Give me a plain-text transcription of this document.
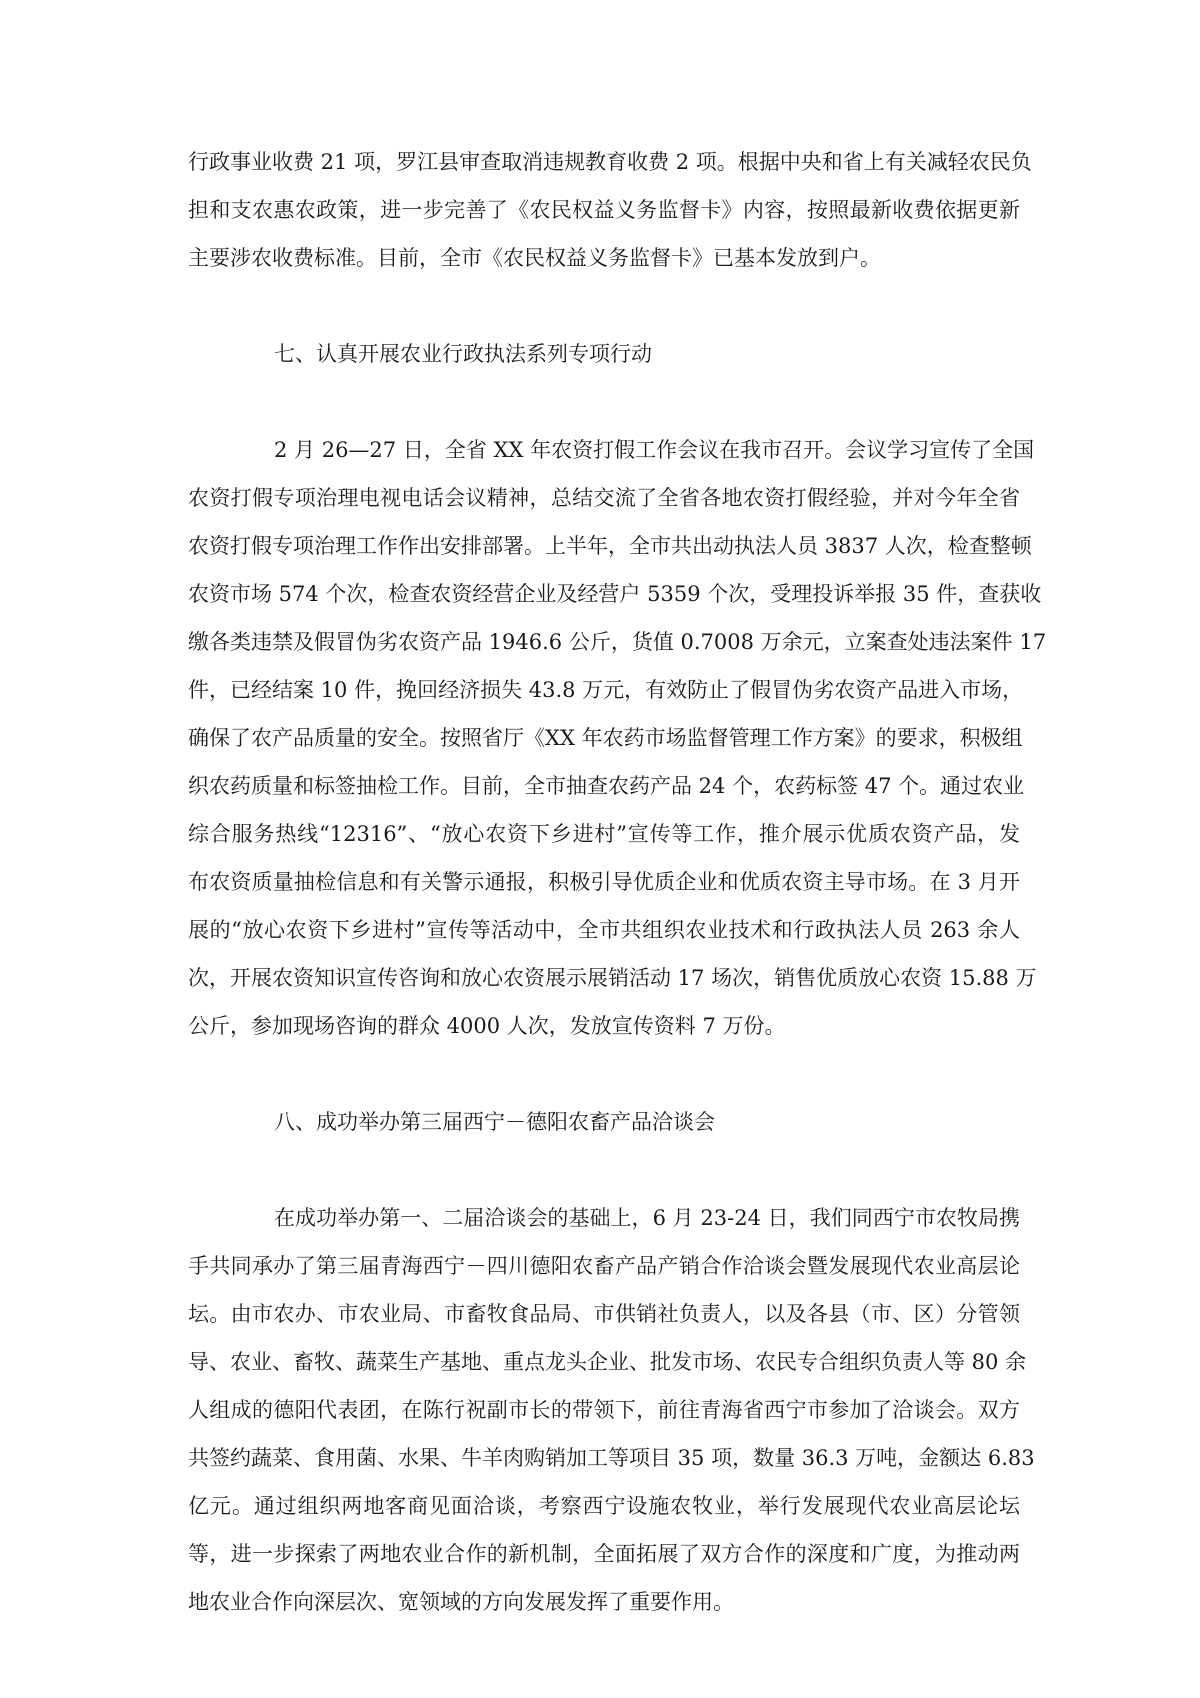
行政事业收费 21 项，罗江县审查取消违规教育收费 2 项。根据中央和省上有关减轻农民负
担和支农惠农政策，进一步完善了《农民权益义务监督卡》内容，按照最新收费依据更新
主要涉农收费标准。目前，全市《农民权益义务监督卡》已基本发放到户。
七、认真开展农业行政执法系列专项行动
2 月 26—27 日，全省 XX 年农资打假工作会议在我市召开。会议学习宣传了全国
农资打假专项治理电视电话会议精神，总结交流了全省各地农资打假经验，并对今年全省
农资打假专项治理工作作出安排部署。上半年，全市共出动执法人员 3837 人次，检查整顿
农资市场 574 个次，检查农资经营企业及经营户 5359 个次，受理投诉举报 35 件，查获收
缴各类违禁及假冒伪劣农资产品 1946.6 公斤，货值 0.7008 万余元，立案查处违法案件 17
件，已经结案 10 件，挽回经济损失 43.8 万元，有效防止了假冒伪劣农资产品进入市场，
确保了农产品质量的安全。按照省厅《XX 年农药市场监督管理工作方案》的要求，积极组
织农药质量和标签抽检工作。目前，全市抽查农药产品 24 个，农药标签 47 个。通过农业
综合服务热线“12316”、“放心农资下乡进村”宣传等工作，推介展示优质农资产品，发
布农资质量抽检信息和有关警示通报，积极引导优质企业和优质农资主导市场。在 3 月开
展的“放心农资下乡进村”宣传等活动中，全市共组织农业技术和行政执法人员 263 余人
次，开展农资知识宣传咨询和放心农资展示展销活动 17 场次，销售优质放心农资 15.88 万
公斤，参加现场咨询的群众 4000 人次，发放宣传资料 7 万份。
八、成功举办第三届西宁－德阳农畜产品洽谈会
在成功举办第一、二届洽谈会的基础上，6 月 23-24 日，我们同西宁市农牧局携
手共同承办了第三届青海西宁－四川德阳农畜产品产销合作洽谈会暨发展现代农业高层论
坛。由市农办、市农业局、市畜牧食品局、市供销社负责人，以及各县（市、区）分管领
导、农业、畜牧、蔬菜生产基地、重点龙头企业、批发市场、农民专合组织负责人等 80 余
人组成的德阳代表团，在陈行祝副市长的带领下，前往青海省西宁市参加了洽谈会。双方
共签约蔬菜、食用菌、水果、牛羊肉购销加工等项目 35 项，数量 36.3 万吨，金额达 6.83
亿元。通过组织两地客商见面洽谈，考察西宁设施农牧业，举行发展现代农业高层论坛
等，进一步探索了两地农业合作的新机制，全面拓展了双方合作的深度和广度，为推动两
地农业合作向深层次、宽领域的方向发展发挥了重要作用。
